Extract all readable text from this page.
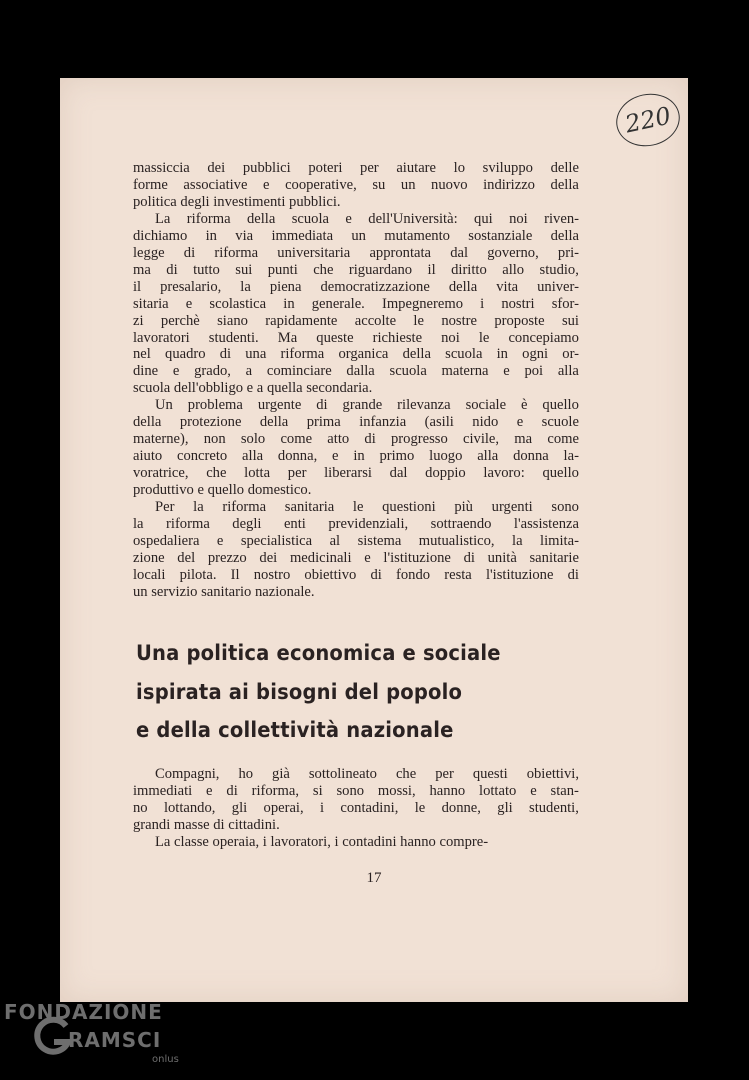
220
massiccia dei pubblici poteri per aiutare lo sviluppo delle
forme associative e cooperative, su un nuovo indirizzo della
politica degli investimenti pubblici.
La riforma della scuola e dell'Università: qui noi riven-
dichiamo in via immediata un mutamento sostanziale della
legge di riforma universitaria approntata dal governo, pri-
ma di tutto sui punti che riguardano il diritto allo studio,
il presalario, la piena democratizzazione della vita univer-
sitaria e scolastica in generale. Impegneremo i nostri sfor-
zi perchè siano rapidamente accolte le nostre proposte sui
lavoratori studenti. Ma queste richieste noi le concepiamo
nel quadro di una riforma organica della scuola in ogni or-
dine e grado, a cominciare dalla scuola materna e poi alla
scuola dell'obbligo e a quella secondaria.
Un problema urgente di grande rilevanza sociale è quello
della protezione della prima infanzia (asili nido e scuole
materne), non solo come atto di progresso civile, ma come
aiuto concreto alla donna, e in primo luogo alla donna la-
voratrice, che lotta per liberarsi dal doppio lavoro: quello
produttivo e quello domestico.
Per la riforma sanitaria le questioni più urgenti sono
la riforma degli enti previdenziali, sottraendo l'assistenza
ospedaliera e specialistica al sistema mutualistico, la limita-
zione del prezzo dei medicinali e l'istituzione di unità sanitarie
locali pilota. Il nostro obiettivo di fondo resta l'istituzione di
un servizio sanitario nazionale.
Una politica economica e sociale
ispirata ai bisogni del popolo
e della collettività nazionale
Compagni, ho già sottolineato che per questi obiettivi,
immediati e di riforma, si sono mossi, hanno lottato e stan-
no lottando, gli operai, i contadini, le donne, gli studenti,
grandi masse di cittadini.
La classe operaia, i lavoratori, i contadini hanno compre-
17
FONDAZIONE
RAMSCI
onlus
